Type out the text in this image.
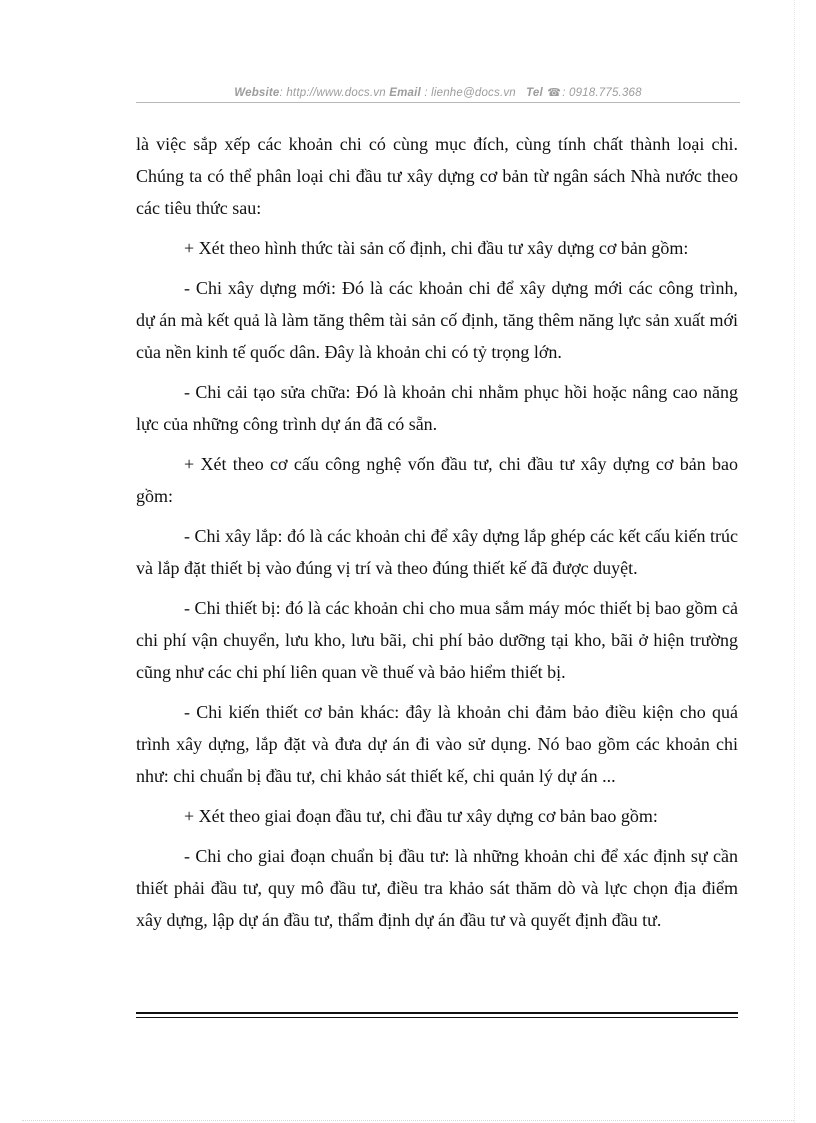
Website: http://www.docs.vn Email : lienhe@docs.vn Tel ☎: 0918.775.368

là việc sắp xếp các khoản chi có cùng mục đích, cùng tính chất thành loại chi. Chúng ta có thể phân loại chi đầu tư xây dựng cơ bản từ ngân sách Nhà nước theo các tiêu thức sau:

+ Xét theo hình thức tài sản cố định, chi đầu tư xây dựng cơ bản gồm:

- Chi xây dựng mới: Đó là các khoản chi để xây dựng mới các công trình, dự án mà kết quả là làm tăng thêm tài sản cố định, tăng thêm năng lực sản xuất mới của nền kinh tế quốc dân. Đây là khoản chi có tỷ trọng lớn.

- Chi cải tạo sửa chữa: Đó là khoản chi nhằm phục hồi hoặc nâng cao năng lực của những công trình dự án đã có sẵn.

+ Xét theo cơ cấu công nghệ vốn đầu tư, chi đầu tư xây dựng cơ bản bao gồm:

- Chi xây lắp: đó là các khoản chi để xây dựng lắp ghép các kết cấu kiến trúc và lắp đặt thiết bị vào đúng vị trí và theo đúng thiết kế đã được duyệt.

- Chi thiết bị: đó là các khoản chi cho mua sắm máy móc thiết bị bao gồm cả chi phí vận chuyển, lưu kho, lưu bãi, chi phí bảo dưỡng tại kho, bãi ở hiện trường cũng như các chi phí liên quan về thuế và bảo hiểm thiết bị.

- Chi kiến thiết cơ bản khác: đây là khoản chi đảm bảo điều kiện cho quá trình xây dựng, lắp đặt và đưa dự án đi vào sử dụng. Nó bao gồm các khoản chi như: chi chuẩn bị đầu tư, chi khảo sát thiết kế, chi quản lý dự án ...

+ Xét theo giai đoạn đầu tư, chi đầu tư xây dựng cơ bản bao gồm:

- Chi cho giai đoạn chuẩn bị đầu tư: là những khoản chi để xác định sự cần thiết phải đầu tư, quy mô đầu tư, điều tra khảo sát thăm dò và lực chọn địa điểm xây dựng, lập dự án đầu tư, thẩm định dự án đầu tư và quyết định đầu tư.
